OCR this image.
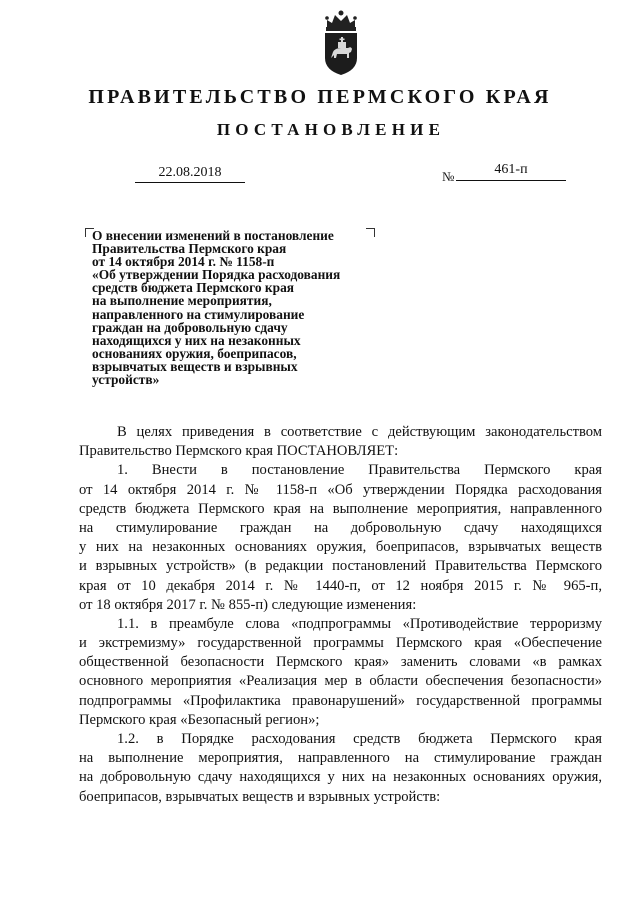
ПРАВИТЕЛЬСТВО ПЕРМСКОГО КРАЯ
ПОСТАНОВЛЕНИЕ
22.08.2018	№	461-п
О внесении изменений в постановление
Правительства Пермского края
от 14 октября 2014 г. № 1158-п
«Об утверждении Порядка расходования
средств бюджета Пермского края
на выполнение мероприятия,
направленного на стимулирование
граждан на добровольную сдачу
находящихся у них на незаконных
основаниях оружия, боеприпасов,
взрывчатых веществ и взрывных
устройств»
В целях приведения в соответствие с действующим законодательством
Правительство Пермского края ПОСТАНОВЛЯЕТ:
1. Внести в постановление Правительства Пермского края
от 14 октября 2014 г. № 1158-п «Об утверждении Порядка расходования
средств бюджета Пермского края на выполнение мероприятия, направленного
на стимулирование граждан на добровольную сдачу находящихся
у них на незаконных основаниях оружия, боеприпасов, взрывчатых веществ
и взрывных устройств» (в редакции постановлений Правительства Пермского
края от 10 декабря 2014 г. № 1440-п, от 12 ноября 2015 г. № 965-п,
от 18 октября 2017 г. № 855-п) следующие изменения:
1.1. в преамбуле слова «подпрограммы «Противодействие терроризму
и экстремизму» государственной программы Пермского края «Обеспечение
общественной безопасности Пермского края» заменить словами «в рамках
основного мероприятия «Реализация мер в области обеспечения безопасности»
подпрограммы «Профилактика правонарушений» государственной программы
Пермского края «Безопасный регион»;
1.2. в Порядке расходования средств бюджета Пермского края
на выполнение мероприятия, направленного на стимулирование граждан
на добровольную сдачу находящихся у них на незаконных основаниях оружия,
боеприпасов, взрывчатых веществ и взрывных устройств:
